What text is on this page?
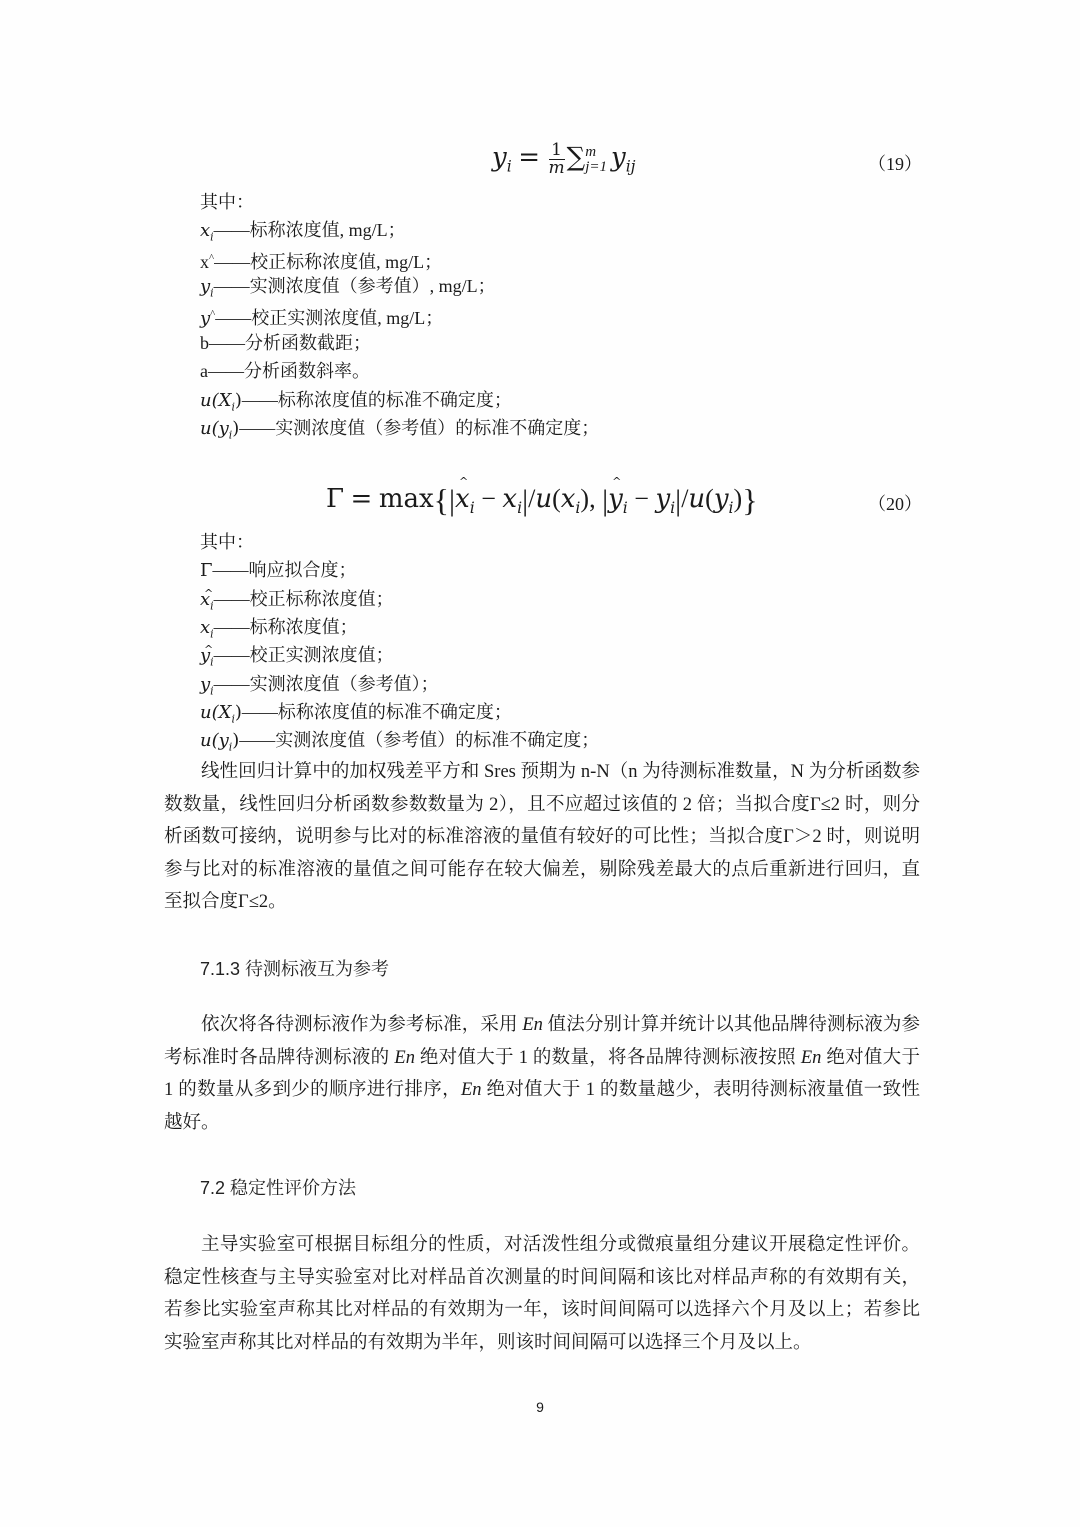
$y_i = \frac{1}{m}$ ∑ m
j=1 $y_{ij}$	（19）
其中：
$x_i——$标称浓度值, mg/L；
x^——校正标称浓度值, mg/L；
$y_i——$实测浓度值（参考值）, mg/L；
y^——校正实测浓度值, mg/L；
b——分析函数截距；
a——分析函数斜率。
$u(X_i)——$标称浓度值的标准不确定度；
$u(y_i)——$实测浓度值（参考值）的标准不确定度；
Γ = max{|^ $x_i - x_i|/u(x_i)$, |^ $y_i - y_i|/u(y_i)$}	（20）
其中：
Γ——响应拟合度；
^ $x_i——$校正标称浓度值；
$x_i——$标称浓度值；
^ $y_i——$校正实测浓度值；
$y_i——$实测浓度值（参考值）；
$u(X_i)——$标称浓度值的标准不确定度；
$u(y_i)——$实测浓度值（参考值）的标准不确定度；
线性回归计算中的加权残差平方和 Sres 预期为 n-N（n 为待测标准数量，N 为分析函数参数数量，线性回归分析函数参数数量为 2），且不应超过该值的 2 倍；当拟合度Γ≤2 时，则分析函数可接纳，说明参与比对的标准溶液的量值有较好的可比性；当拟合度Γ＞2 时，则说明参与比对的标准溶液的量值之间可能存在较大偏差，剔除残差最大的点后重新进行回归，直至拟合度Γ≤2。
7.1.3 待测标液互为参考
依次将各待测标液作为参考标准，采用 En 值法分别计算并统计以其他品牌待测标液为参考标准时各品牌待测标液的 En 绝对值大于 1 的数量，将各品牌待测标液按照 En 绝对值大于 1 的数量从多到少的顺序进行排序，En 绝对值大于 1 的数量越少，表明待测标液量值一致性越好。
7.2 稳定性评价方法
主导实验室可根据目标组分的性质，对活泼性组分或微痕量组分建议开展稳定性评价。稳定性核查与主导实验室对比对样品首次测量的时间间隔和该比对样品声称的有效期有关，若参比实验室声称其比对样品的有效期为一年，该时间间隔可以选择六个月及以上；若参比实验室声称其比对样品的有效期为半年，则该时间间隔可以选择三个月及以上。
9
